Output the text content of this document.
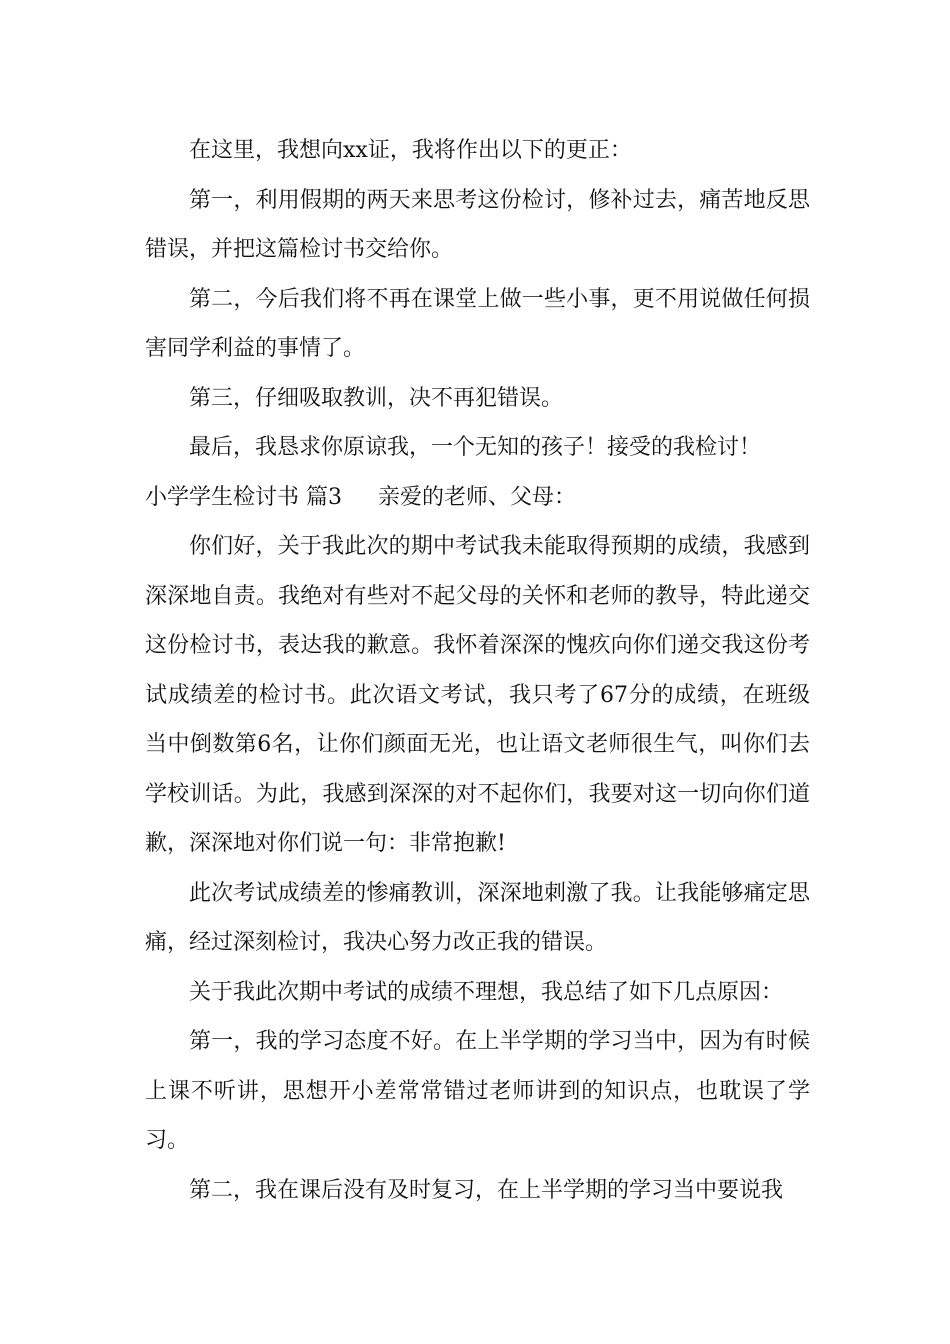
在这里，我想向xx证，我将作出以下的更正：

第一，利用假期的两天来思考这份检讨，修补过去，痛苦地反思错误，并把这篇检讨书交给你。

第二，今后我们将不再在课堂上做一些小事，更不用说做任何损害同学利益的事情了。

第三，仔细吸取教训，决不再犯错误。

最后，我恳求你原谅我，一个无知的孩子！接受的我检讨！

小学学生检讨书 篇3 亲爱的老师、父母：

你们好，关于我此次的期中考试我未能取得预期的成绩，我感到深深地自责。我绝对有些对不起父母的关怀和老师的教导，特此递交这份检讨书，表达我的歉意。我怀着深深的愧疚向你们递交我这份考试成绩差的检讨书。此次语文考试，我只考了67分的成绩，在班级当中倒数第6名，让你们颜面无光，也让语文老师很生气，叫你们去学校训话。为此，我感到深深的对不起你们，我要对这一切向你们道歉，深深地对你们说一句：非常抱歉!

此次考试成绩差的惨痛教训，深深地刺激了我。让我能够痛定思痛，经过深刻检讨，我决心努力改正我的错误。

关于我此次期中考试的成绩不理想，我总结了如下几点原因：

第一，我的学习态度不好。在上半学期的学习当中，因为有时候上课不听讲，思想开小差常常错过老师讲到的知识点，也耽误了学习。

第二，我在课后没有及时复习，在上半学期的学习当中要说我
